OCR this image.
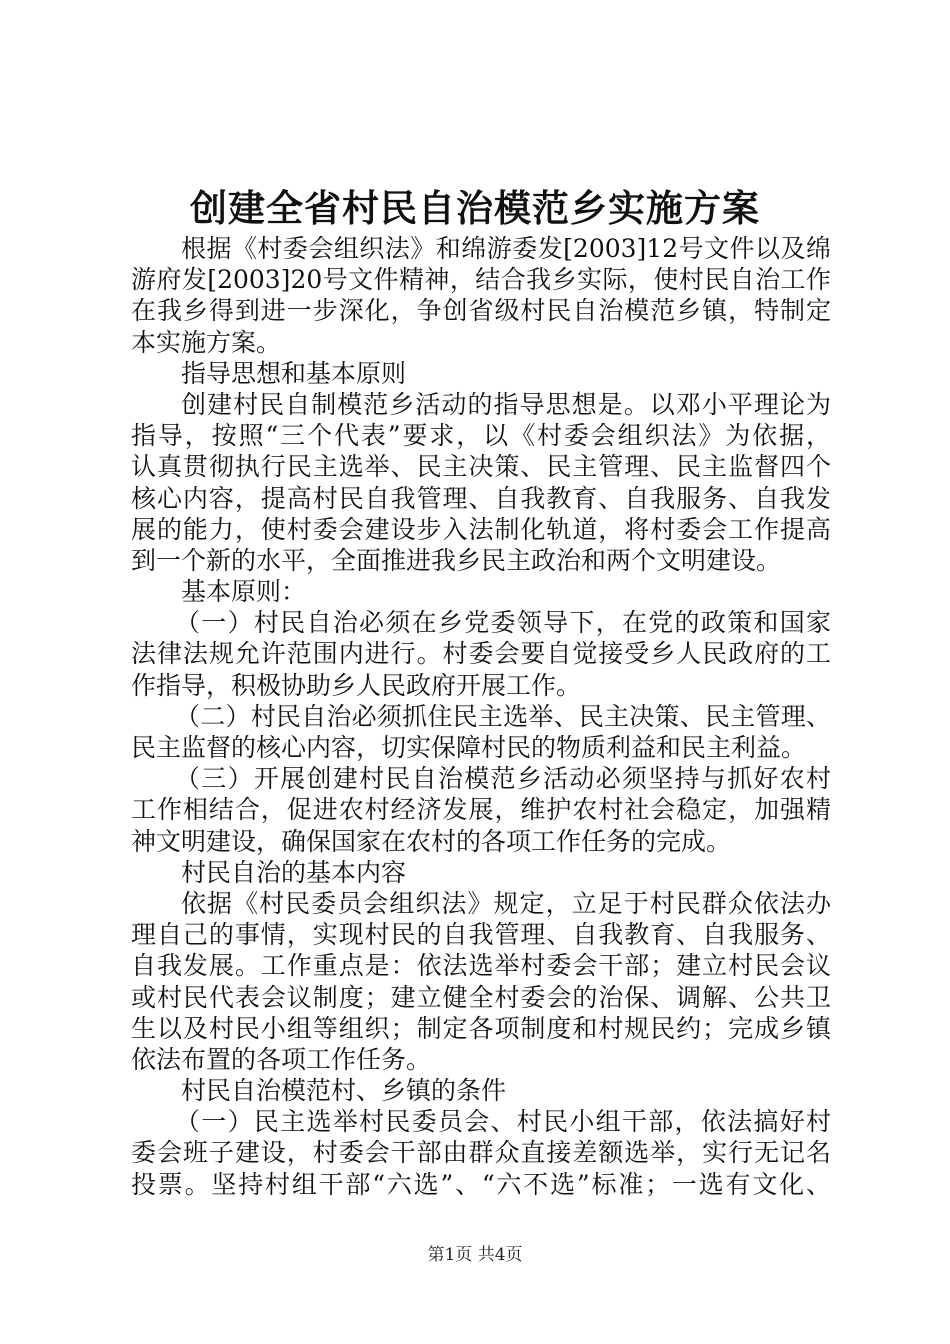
创建全省村民自治模范乡实施方案
根据《村委会组织法》和绵游委发[2003]12号文件以及绵
游府发[2003]20号文件精神，结合我乡实际，使村民自治工作
在我乡得到进一步深化，争创省级村民自治模范乡镇，特制定
本实施方案。
指导思想和基本原则
创建村民自制模范乡活动的指导思想是。以邓小平理论为
指导，按照“三个代表”要求，以《村委会组织法》为依据，
认真贯彻执行民主选举、民主决策、民主管理、民主监督四个
核心内容，提高村民自我管理、自我教育、自我服务、自我发
展的能力，使村委会建设步入法制化轨道，将村委会工作提高
到一个新的水平，全面推进我乡民主政治和两个文明建设。
基本原则：
（一）村民自治必须在乡党委领导下，在党的政策和国家
法律法规允许范围内进行。村委会要自觉接受乡人民政府的工
作指导，积极协助乡人民政府开展工作。
（二）村民自治必须抓住民主选举、民主决策、民主管理、
民主监督的核心内容，切实保障村民的物质利益和民主利益。
（三）开展创建村民自治模范乡活动必须坚持与抓好农村
工作相结合，促进农村经济发展，维护农村社会稳定，加强精
神文明建设，确保国家在农村的各项工作任务的完成。
村民自治的基本内容
依据《村民委员会组织法》规定，立足于村民群众依法办
理自己的事情，实现村民的自我管理、自我教育、自我服务、
自我发展。工作重点是：依法选举村委会干部；建立村民会议
或村民代表会议制度；建立健全村委会的治保、调解、公共卫
生以及村民小组等组织；制定各项制度和村规民约；完成乡镇
依法布置的各项工作任务。
村民自治模范村、乡镇的条件
（一）民主选举村民委员会、村民小组干部，依法搞好村
委会班子建设，村委会干部由群众直接差额选举，实行无记名
投票。坚持村组干部“六选”、“六不选”标准；一选有文化、
第1页 共4页
